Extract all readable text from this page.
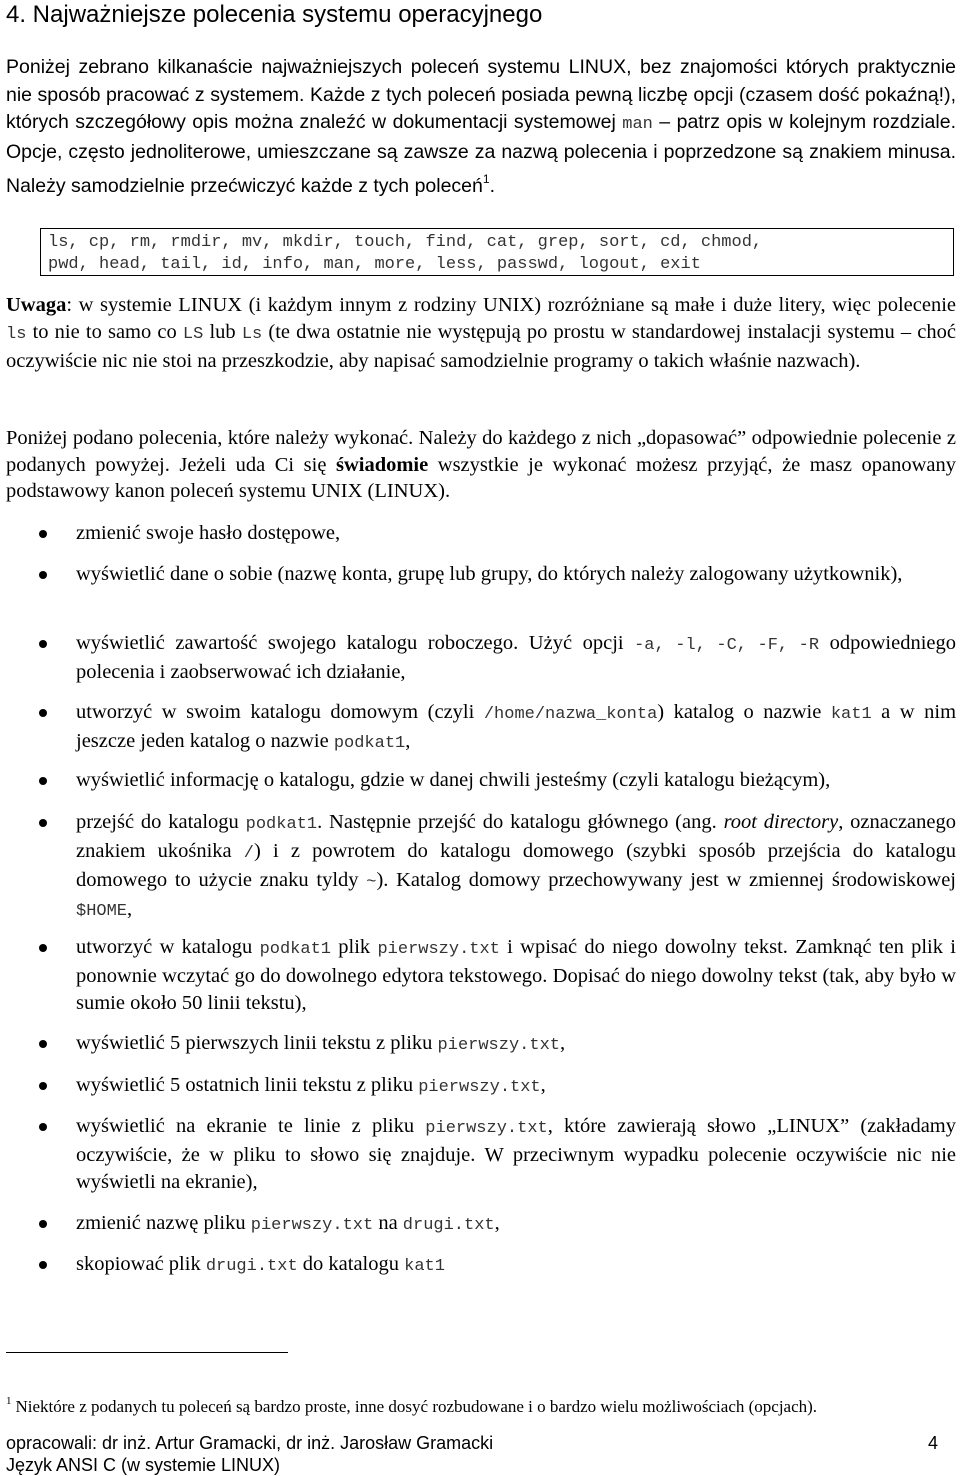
4. Najważniejsze polecenia systemu operacyjnego

Poniżej zebrano kilkanaście najważniejszych poleceń systemu LINUX, bez znajomości których praktycznie nie sposób pracować z systemem. Każde z tych poleceń posiada pewną liczbę opcji (czasem dość pokaźną!), których szczegółowy opis można znaleźć w dokumentacji systemowej man – patrz opis w kolejnym rozdziale. Opcje, często jednoliterowe, umieszczane są zawsze za nazwą polecenia i poprzedzone są znakiem minusa. Należy samodzielnie przećwiczyć każde z tych poleceń$^1$.

ls, cp, rm, rmdir, mv, mkdir, touch, find, cat, grep, sort, cd, chmod,
pwd, head, tail, id, info, man, more, less, passwd, logout, exit

Uwaga: w systemie LINUX (i każdym innym z rodziny UNIX) rozróżniane są małe i duże litery, więc polecenie ls to nie to samo co LS lub Ls (te dwa ostatnie nie występują po prostu w standardowej instalacji systemu – choć oczywiście nic nie stoi na przeszkodzie, aby napisać samodzielnie programy o takich właśnie nazwach).

Poniżej podano polecenia, które należy wykonać. Należy do każdego z nich „dopasować” odpowiednie polecenie z podanych powyżej. Jeżeli uda Ci się świadomie wszystkie je wykonać możesz przyjąć, że masz opanowany podstawowy kanon poleceń systemu UNIX (LINUX).

zmienić swoje hasło dostępowe,
wyświetlić dane o sobie (nazwę konta, grupę lub grupy, do których należy zalogowany użytkownik),
wyświetlić zawartość swojego katalogu roboczego. Użyć opcji -a, -l, -C, -F, -R odpowiedniego polecenia i zaobserwować ich działanie,
utworzyć w swoim katalogu domowym (czyli /home/nazwa_konta) katalog o nazwie kat1 a w nim jeszcze jeden katalog o nazwie podkat1,
wyświetlić informację o katalogu, gdzie w danej chwili jesteśmy (czyli katalogu bieżącym),
przejść do katalogu podkat1. Następnie przejść do katalogu głównego (ang. root directory, oznaczanego znakiem ukośnika /) i z powrotem do katalogu domowego (szybki sposób przejścia do katalogu domowego to użycie znaku tyldy ~). Katalog domowy przechowywany jest w zmiennej środowiskowej $HOME,
utworzyć w katalogu podkat1 plik pierwszy.txt i wpisać do niego dowolny tekst. Zamknąć ten plik i ponownie wczytać go do dowolnego edytora tekstowego. Dopisać do niego dowolny tekst (tak, aby było w sumie około 50 linii tekstu),
wyświetlić 5 pierwszych linii tekstu z pliku pierwszy.txt,
wyświetlić 5 ostatnich linii tekstu z pliku pierwszy.txt,
wyświetlić na ekranie te linie z pliku pierwszy.txt, które zawierają słowo „LINUX” (zakładamy oczywiście, że w pliku to słowo się znajduje. W przeciwnym wypadku polecenie oczywiście nic nie wyświetli na ekranie),
zmienić nazwę pliku pierwszy.txt na drugi.txt,
skopiować plik drugi.txt do katalogu kat1
$^1$ Niektóre z podanych tu poleceń są bardzo proste, inne dosyć rozbudowane i o bardzo wielu możliwościach (opcjach).
opracowali: dr inż. Artur Gramacki, dr inż. Jarosław Gramacki	4
Język ANSI C (w systemie LINUX)
